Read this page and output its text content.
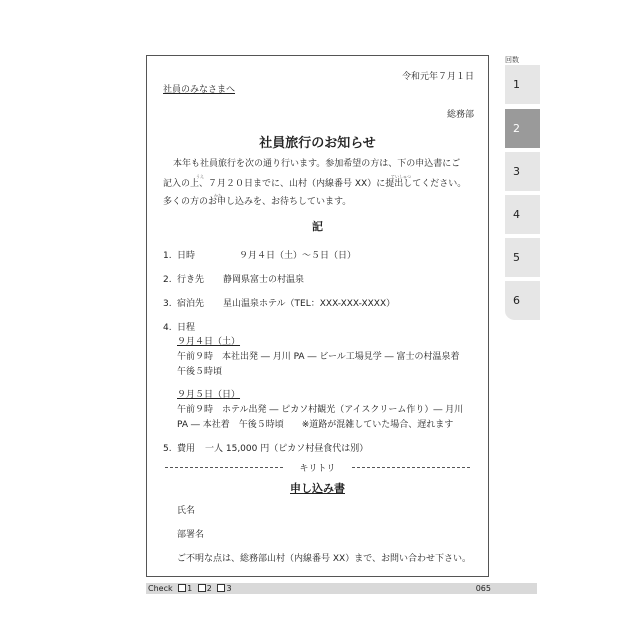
令和元年７月１日
社員のみなさまへ
総務部
社員旅行のお知らせ
本年も社員旅行を次の通り行います。参加希望の方は、下の申込書にご
うえ	ていしゅつ
記入の上、７月２０日までに、山村（内線番号 XX）に提出してください。
かた
多くの方のお申し込みを、お待ちしています。
記
1. 日時	９月４日（土）〜５日（日）
2. 行き先 静岡県富士の村温泉
3. 宿泊先 星山温泉ホテル（TEL：XXX-XXX-XXXX）
4. 日程
９月４日（土）
午前９時　本社出発 ― 月川 PA ― ビール工場見学 ― 富士の村温泉着
午後５時頃
９月５日（日）
午前９時　ホテル出発 ― ピカソ村観光（アイスクリーム作り）― 月川
PA ― 本社着　午後５時頃　　※道路が混雑していた場合、遅れます
5. 費用 一人 15,000 円（ピカソ村昼食代は別）
キリトリ
申し込み書
氏名
部署名
ご不明な点は、総務部山村（内線番号 XX）まで、お問い合わせ下さい。
回数
1
2
3
4
5
6
Check 1 2 3	065
